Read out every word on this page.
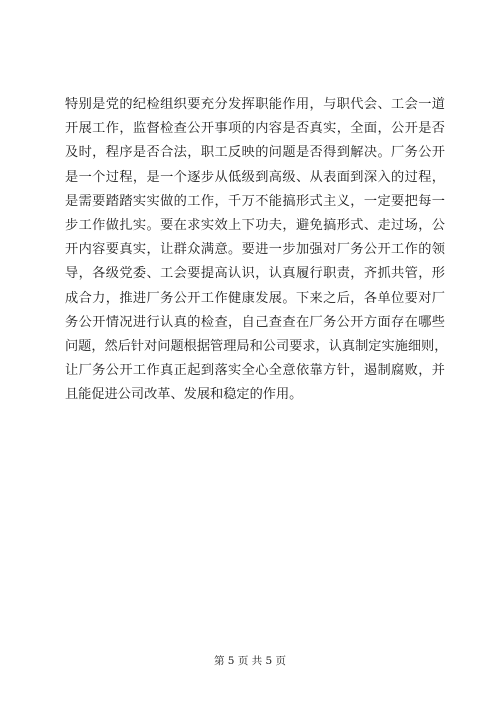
特别是党的纪检组织要充分发挥职能作用，与职代会、工会一道
开展工作，监督检查公开事项的内容是否真实，全面，公开是否
及时，程序是否合法，职工反映的问题是否得到解决。厂务公开
是一个过程，是一个逐步从低级到高级、从表面到深入的过程，
是需要踏踏实实做的工作，千万不能搞形式主义，一定要把每一
步工作做扎实。要在求实效上下功夫，避免搞形式、走过场，公
开内容要真实，让群众满意。要进一步加强对厂务公开工作的领
导，各级党委、工会要提高认识，认真履行职责，齐抓共管，形
成合力，推进厂务公开工作健康发展。下来之后，各单位要对厂
务公开情况进行认真的检查，自己查查在厂务公开方面存在哪些
问题，然后针对问题根据管理局和公司要求，认真制定实施细则，
让厂务公开工作真正起到落实全心全意依靠方针，遏制腐败，并
且能促进公司改革、发展和稳定的作用。
第 5 页 共 5 页
